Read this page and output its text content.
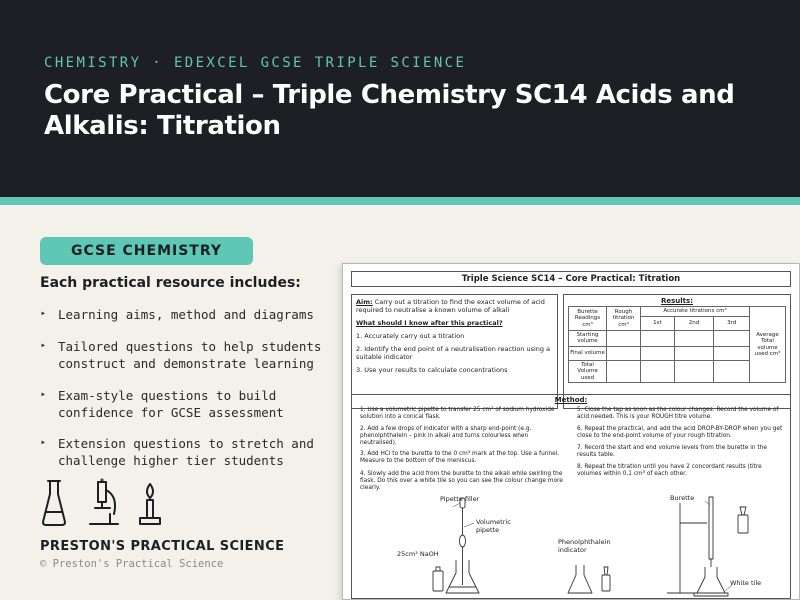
CHEMISTRY · EDEXCEL GCSE TRIPLE SCIENCE
Core Practical – Triple Chemistry SC14 Acids and Alkalis: Titration
GCSE CHEMISTRY
Each practical resource includes:
‣ Learning aims, method and diagrams
‣ Tailored questions to help students construct and demonstrate learning
‣ Exam-style questions to build confidence for GCSE assessment
‣ Extension questions to stretch and challenge higher tier students
PRESTON'S PRACTICAL SCIENCE
© Preston's Practical Science
Triple Science SC14 – Core Practical: Titration
Aim: Carry out a titration to find the exact volume of acid required to neutralise a known volume of alkali
What should I know after this practical?
1. Accurately carry out a titration
2. Identify the end point of a neutralisation reaction using a suitable indicator
3. Use your results to calculate concentrations
Results:
Burette Readings cm³	Rough titration cm³	Accurate titrations cm³			Average Total volume used cm³
		1st	2nd	3rd	
Starting volume					
Final volume					
Total Volume used					
Method:
1. Use a volumetric pipette to transfer 25 cm³ of sodium hydroxide solution into a conical flask.
2. Add a few drops of indicator with a sharp end-point (e.g. phenolphthalein – pink in alkali and turns colourless when neutralised).
3. Add HCl to the burette to the 0 cm³ mark at the top. Use a funnel. Measure to the bottom of the meniscus.
4. Slowly add the acid from the burette to the alkali while swirling the flask. Do this over a white tile so you can see the colour change more clearly.
5. Close the tap as soon as the colour changes. Record the volume of acid needed. This is your ROUGH titre volume.
6. Repeat the practical, and add the acid DROP-BY-DROP when you get close to the end-point volume of your rough titration.
7. Record the start and end volume levels from the burette in the results table.
8. Repeat the titration until you have 2 concordant results (titre volumes within 0.1 cm³ of each other.
Pipette filler
Volumetric pipette
25cm³ NaOH
Phenolphthalein indicator
Burette
White tile
